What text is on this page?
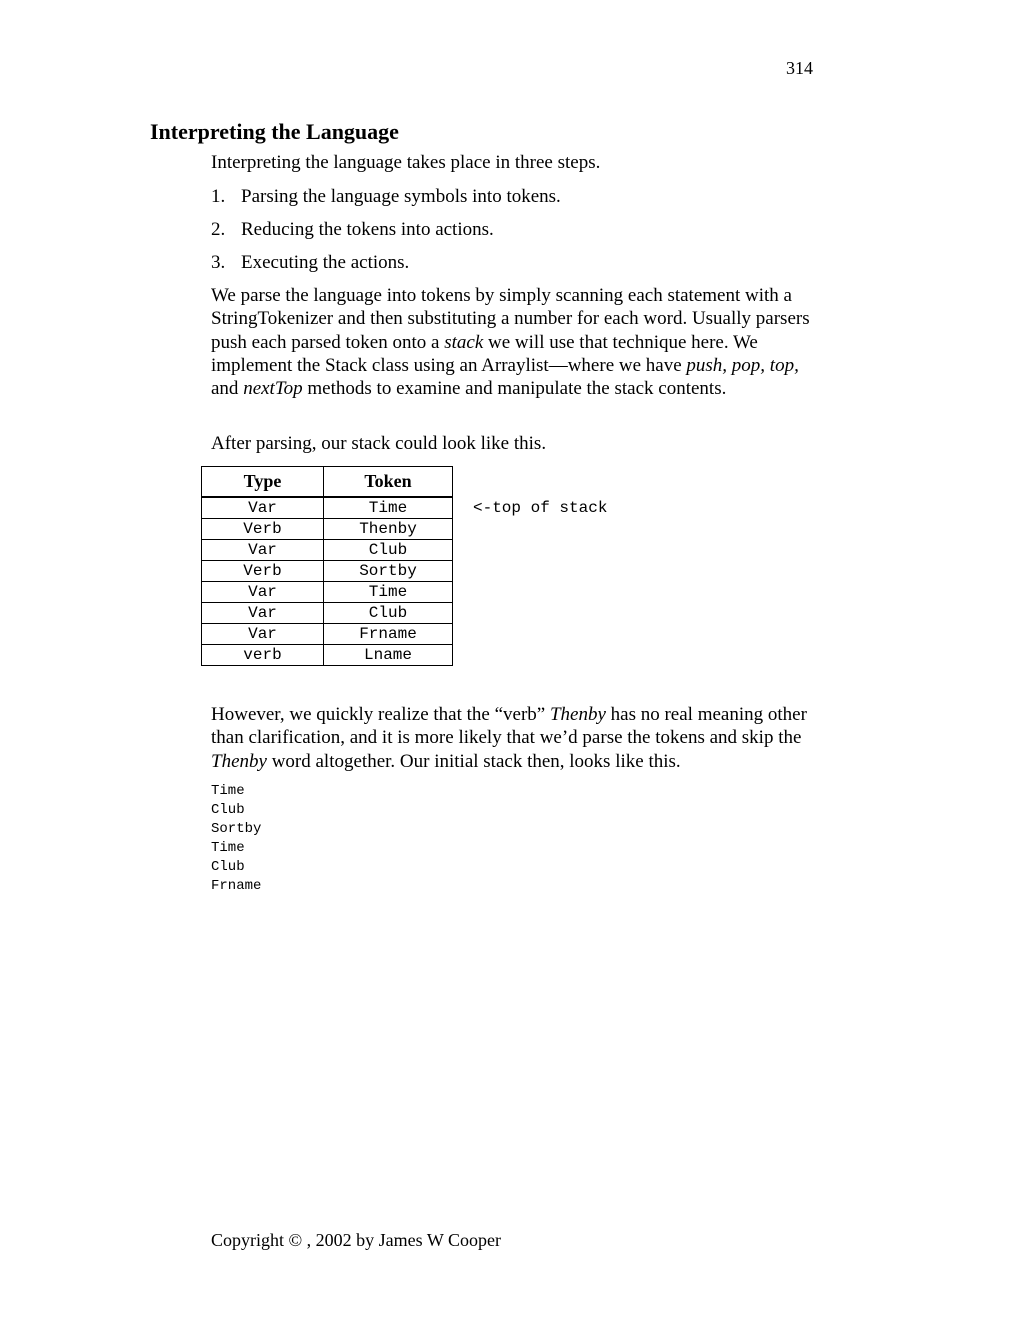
314
Interpreting the Language

Interpreting the language takes place in three steps.

1. Parsing the language symbols into tokens.
2. Reducing the tokens into actions.
3. Executing the actions.

We parse the language into tokens by simply scanning each statement with a StringTokenizer and then substituting a number for each word. Usually parsers push each parsed token onto a stack we will use that technique here. We implement the Stack class using an Arraylist—where we have push, pop, top, and nextTop methods to examine and manipulate the stack contents.

After parsing, our stack could look like this.

Type	Token
Var	Time
Verb	Thenby
Var	Club
Verb	Sortby
Var	Time
Var	Club
Var	Frname
verb	Lname
<-top of stack

However, we quickly realize that the “verb” Thenby has no real meaning other than clarification, and it is more likely that we’d parse the tokens and skip the Thenby word altogether. Our initial stack then, looks like this.

Time
Club
Sortby
Time
Club
Frname
Copyright © , 2002 by James W Cooper
